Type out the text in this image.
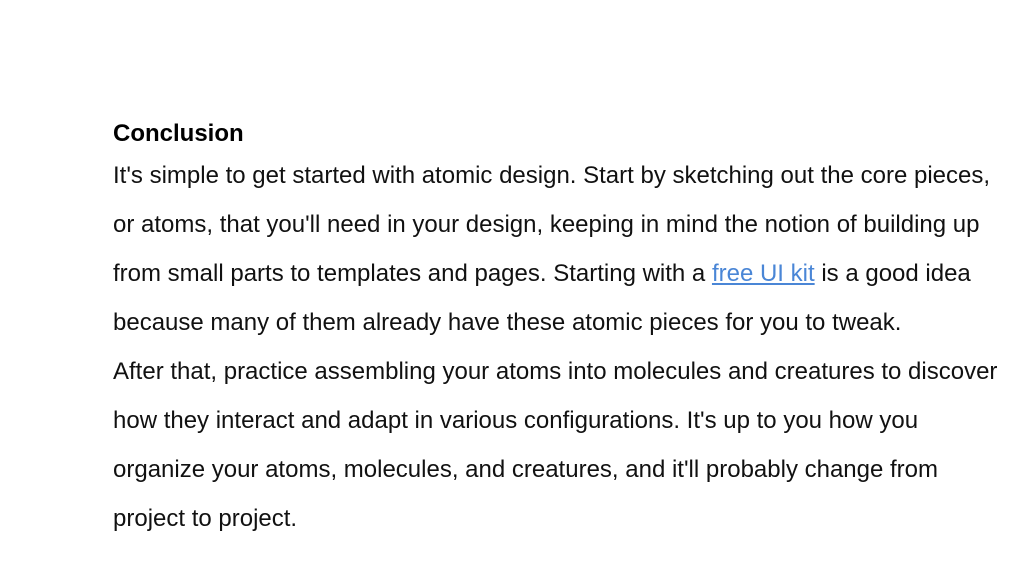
Conclusion

It's simple to get started with atomic design. Start by sketching out the core pieces, or atoms, that you'll need in your design, keeping in mind the notion of building up from small parts to templates and pages. Starting with a free UI kit is a good idea because many of them already have these atomic pieces for you to tweak.

After that, practice assembling your atoms into molecules and creatures to discover how they interact and adapt in various configurations. It's up to you how you organize your atoms, molecules, and creatures, and it'll probably change from project to project.
